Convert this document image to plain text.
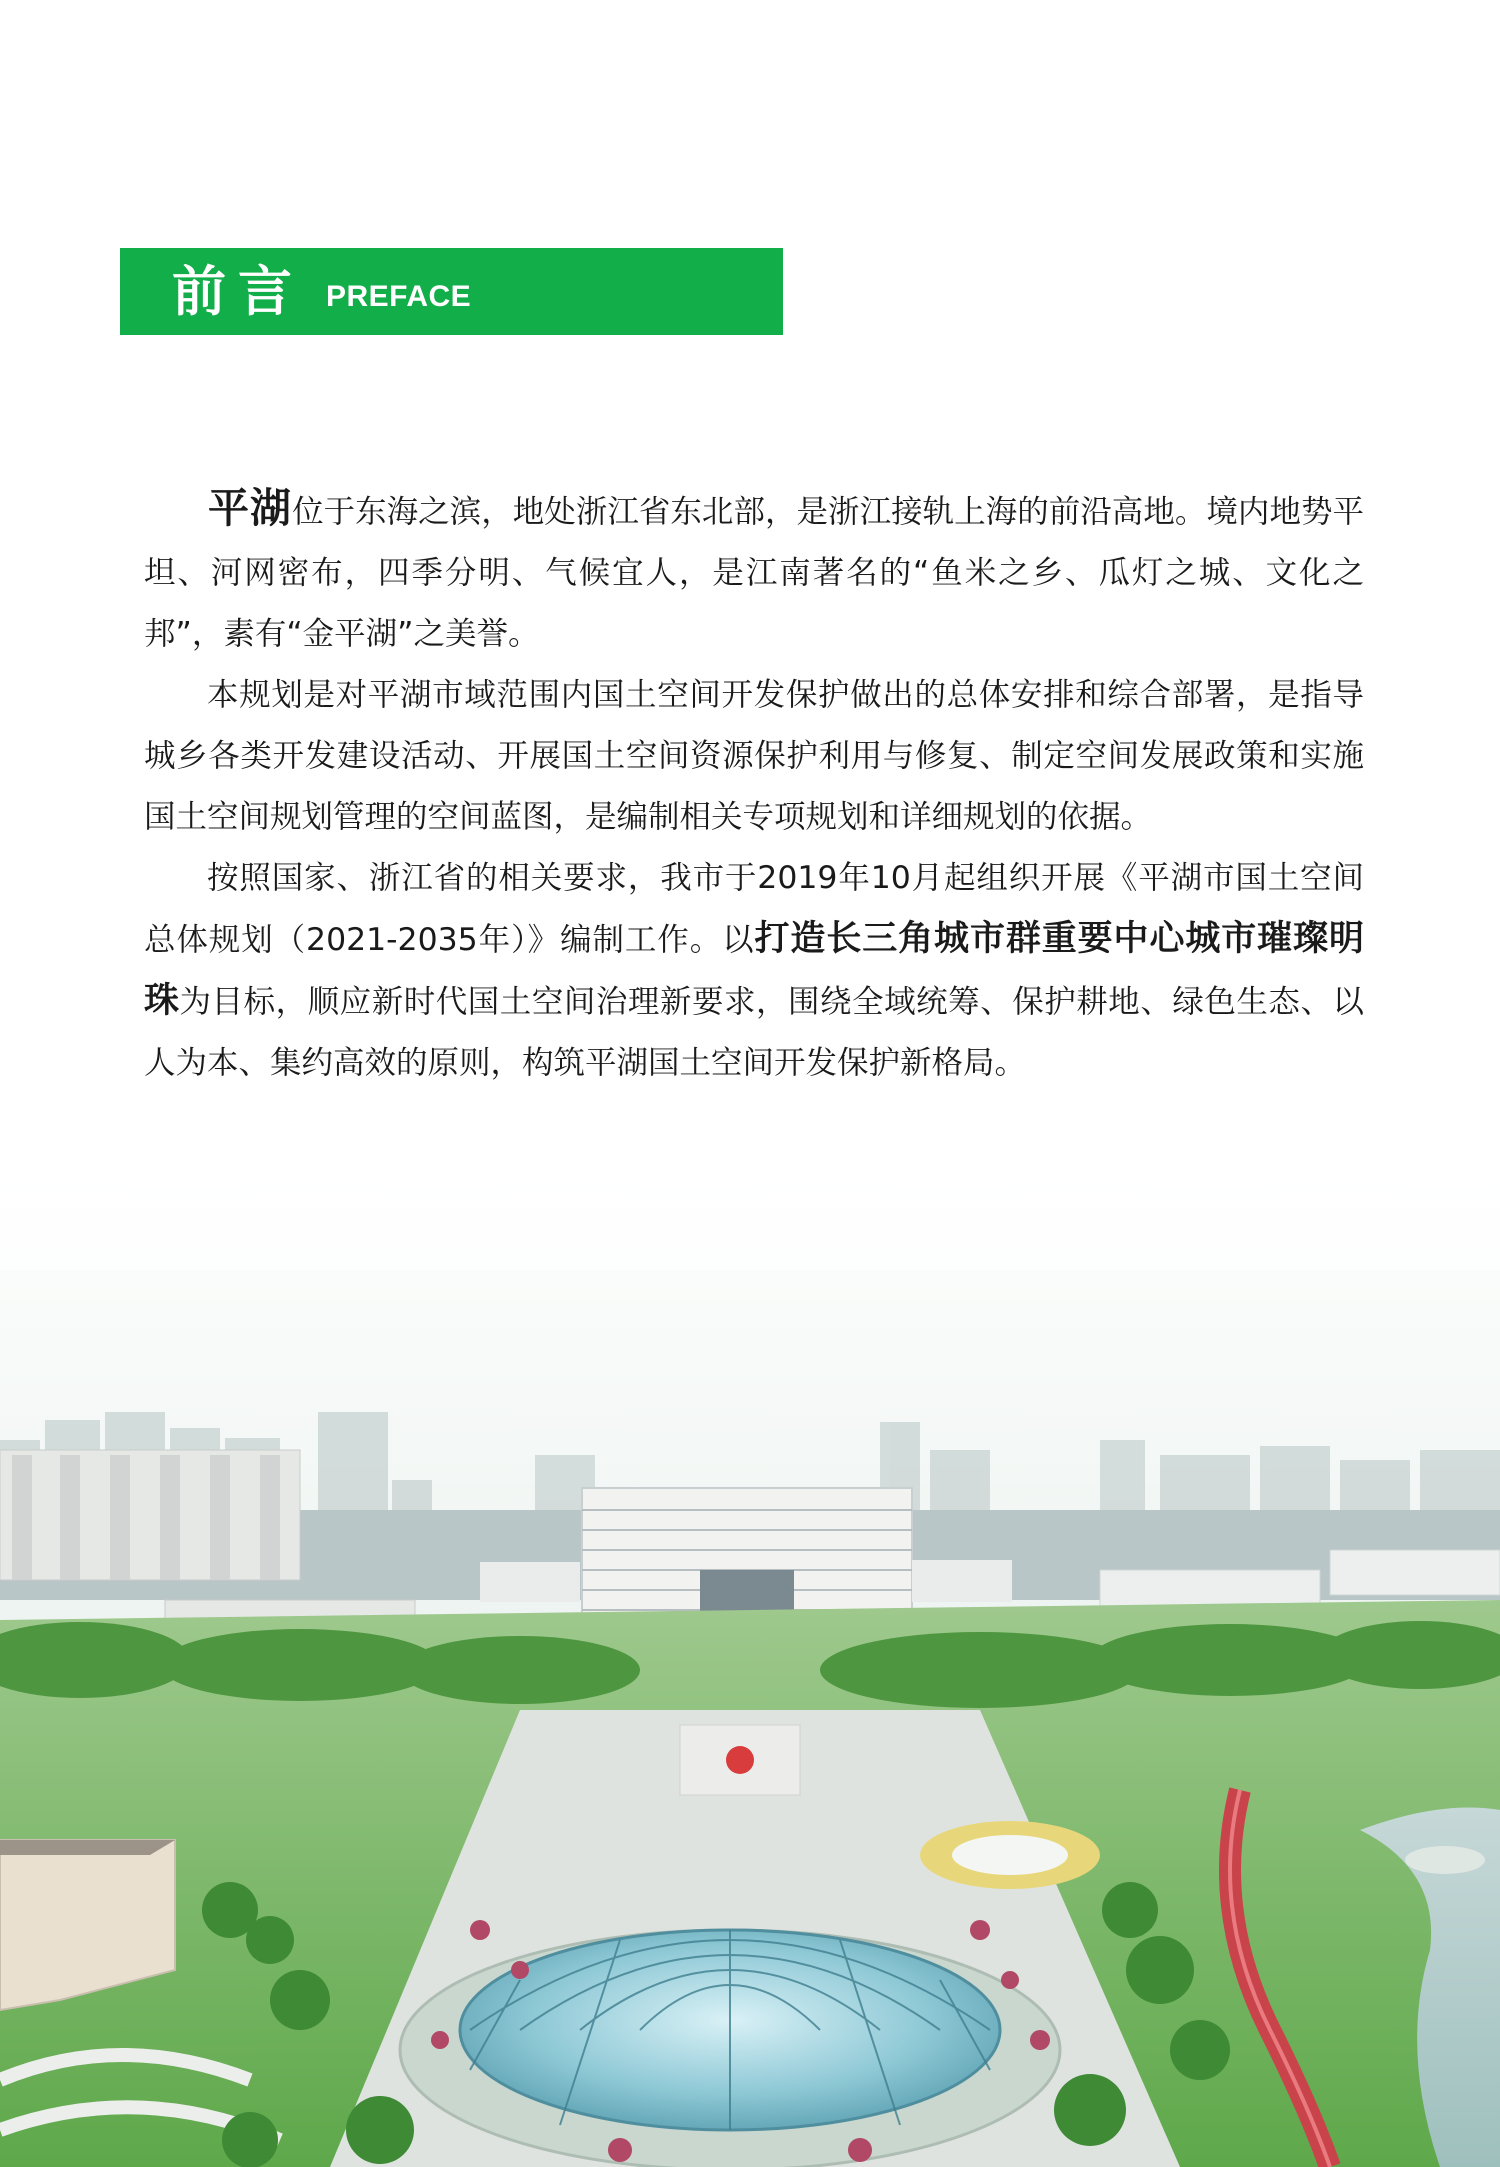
前言 PREFACE

平湖位于东海之滨，地处浙江省东北部，是浙江接轨上海的前沿高地。境内地势平坦、河网密布，四季分明、气候宜人，是江南著名的“鱼米之乡、瓜灯之城、文化之邦”，素有“金平湖”之美誉。

本规划是对平湖市域范围内国土空间开发保护做出的总体安排和综合部署，是指导城乡各类开发建设活动、开展国土空间资源保护利用与修复、制定空间发展政策和实施国土空间规划管理的空间蓝图，是编制相关专项规划和详细规划的依据。

按照国家、浙江省的相关要求，我市于2019年10月起组织开展《平湖市国土空间总体规划（2021-2035年）》编制工作。以打造长三角城市群重要中心城市璀璨明珠为目标，顺应新时代国土空间治理新要求，围绕全域统筹、保护耕地、绿色生态、以人为本、集约高效的原则，构筑平湖国土空间开发保护新格局。
